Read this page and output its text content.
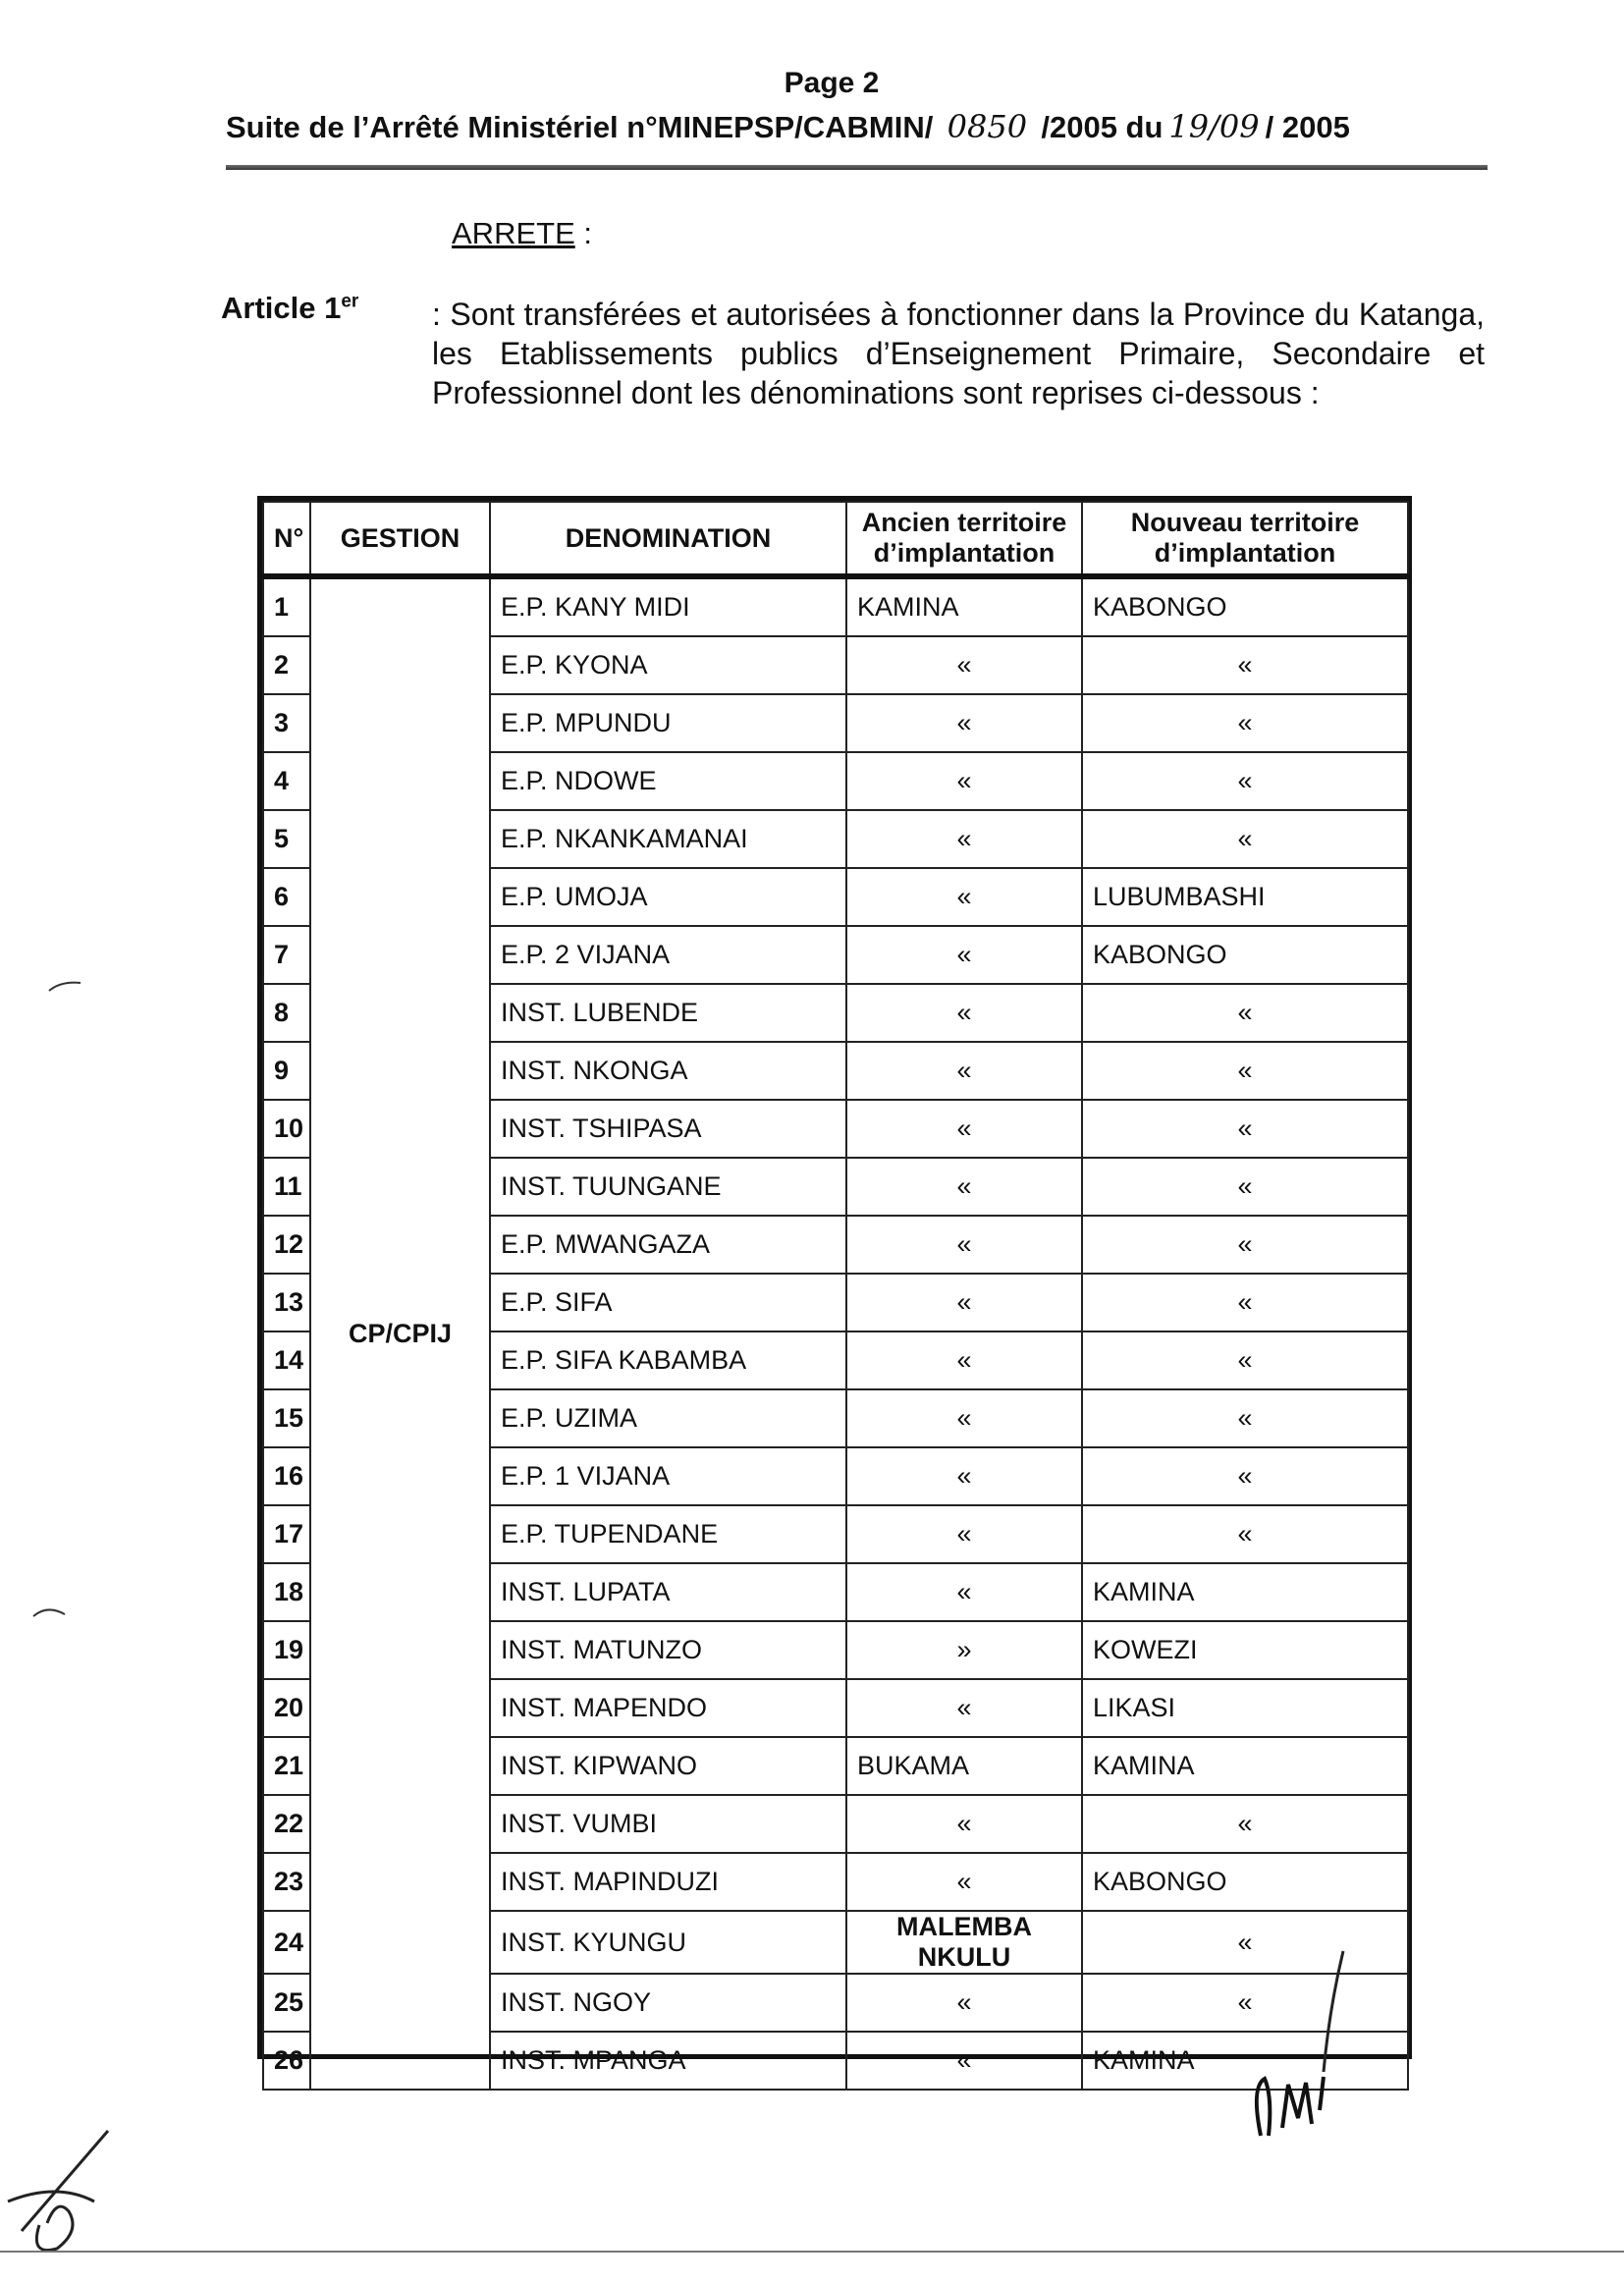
Page 2
Suite de l’Arrêté Ministériel n°MINEPSP/CABMIN/ 0850 /2005 du 19/09 / 2005
ARRETE :
Article 1er : Sont transférées et autorisées à fonctionner dans la Province du Katanga, les Etablissements publics d’Enseignement Primaire, Secondaire et Professionnel dont les dénominations sont reprises ci-dessous :
N°	GESTION	DENOMINATION	Ancien territoire d’implantation	Nouveau territoire d’implantation
1	CP/CPIJ	E.P. KANY MIDI	KAMINA	KABONGO
2		E.P. KYONA	«	«
3		E.P. MPUNDU	«	«
4		E.P. NDOWE	«	«
5		E.P. NKANKAMANAI	«	«
6		E.P. UMOJA	«	LUBUMBASHI
7		E.P. 2 VIJANA	«	KABONGO
8		INST. LUBENDE	«	«
9		INST. NKONGA	«	«
10		INST. TSHIPASA	«	«
11		INST. TUUNGANE	«	«
12		E.P. MWANGAZA	«	«
13		E.P. SIFA	«	«
14		E.P. SIFA KABAMBA	«	«
15		E.P. UZIMA	«	«
16		E.P. 1 VIJANA	«	«
17		E.P. TUPENDANE	«	«
18		INST. LUPATA	«	KAMINA
19		INST. MATUNZO	»	KOWEZI
20		INST. MAPENDO	«	LIKASI
21		INST. KIPWANO	BUKAMA	KAMINA
22		INST. VUMBI	«	«
23		INST. MAPINDUZI	«	KABONGO
24		INST. KYUNGU	MALEMBA NKULU	«
25		INST. NGOY	«	«
26		INST. MPANGA	«	KAMINA
